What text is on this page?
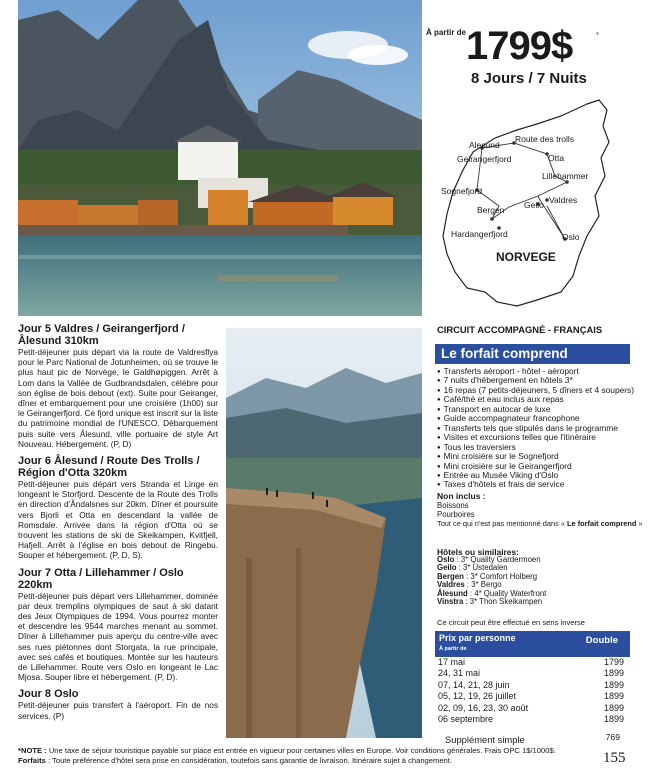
À partir de 1799$	*
8 Jours / 7 Nuits
Alesund
Route des trolls
Geirangerfjord	Otta
Lillehammer
Sognefjord
Geilo Valdres
Bergen
Hardangerfjord	Oslo
NORVEGE
Jour 5 Valdres / Geirangerfjord / Ålesund 310km
Petit-déjeuner puis départ via la route de Valdresflya pour le Parc National de Jotunheimen, où se trouve le plus haut pic de Norvège, le Galdhøpiggen. Arrêt à Lom dans la Vallée de Gudbrandsdalen, célèbre pour son église de bois debout (ext). Suite pour Geiranger, dîner et embarquement pour une croisière (1h00) sur le Geirangerfjord. Ce fjord unique est inscrit sur la liste du patrimoine mondial de l'UNESCO. Débarquement puis suite vers Ålesund, ville portuaire de style Art Nouveau. Hébergement. (P, D)
Jour 6 Ålesund / Route Des Trolls / Région d'Otta 320km
Petit-déjeuner puis départ vers Stranda et Linge en longeant le Storfjord. Descente de la Route des Trolls en direction d'Åndalsnes sur 20km. Dîner et poursuite vers Bjorli et Otta en descendant la vallée de Romsdale. Arrivée dans la région d'Otta où se trouvent les stations de ski de Skeikampen, Kvitfjell, Hafjell. Arrêt à l'église en bois debout de Ringebu. Souper et hébergement. (P, D, S).
Jour 7 Otta / Lillehammer / Oslo 220km
Petit-déjeuner puis départ vers Lillehammer, dominée par deux tremplins olympiques de saut à ski datant des Jeux Olympiques de 1994. Vous pourrez monter et descendre les 9544 marches menant au sommet. Dîner à Lillehammer puis aperçu du centre-ville avec ses rues piétonnes dont Storgata, la rue principale, avec ses cafés et boutiques. Montée sur les hauteurs de Lillehammer. Route vers Oslo en longeant le Lac Mjosa. Souper libre et hébergement. (P, D).
Jour 8 Oslo
Petit-déjeuner puis transfert à l'aéroport. Fin de nos services. (P)
CIRCUIT ACCOMPAGNÉ - FRANÇAIS
Le forfait comprend
● Transferts aéroport - hôtel - aéroport
● 7 nuits d'hébergement en hôtels 3*
● 16 repas (7 petits-déjeuners, 5 dîners et 4 soupers)
● Café/thé et eau inclus aux repas
● Transport en autocar de luxe
● Guide accompagnateur francophone
● Transferts tels que stipulés dans le programme
● Visites et excursions telles que l'itinéraire
● Tous les traversiers
● Mini croisière sur le Sognefjord
● Mini croisière sur le Geirangerfjord
● Entrée au Musée Viking d'Oslo
● Taxes d'hôtels et frais de service
Non inclus :
Boissons
Pourboires
Tout ce qui n'est pas mentionné dans « Le forfait comprend »
Hôtels ou similaires:
Oslo : 3* Quality Gardermoen
Geilo : 3* Ustedalen
Bergen : 3* Comfort Holberg
Valdres : 3* Bergo
Ålesund : 4* Quality Waterfront
Vinstra : 3* Thon Skeikampen
Ce circuit peut être effectué en sens inverse
Prix par personne
À partir de
Double
17 mai	1799
24, 31 mai	1899
07, 14, 21, 28 juin	1899
05, 12, 19, 26 juillet	1899
02, 09, 16, 23, 30 août	1899
06 septembre	1899
Supplément simple	769
*NOTE : Une taxe de séjour touristique payable sur place est entrée en vigueur pour certaines villes en Europe. Voir conditions générales. Frais OPC 1$/1000$.
Forfaits : Toute préférence d'hôtel sera prise en considération, toutefois sans garantie de livraison. Itinéraire sujet à changement.	155
